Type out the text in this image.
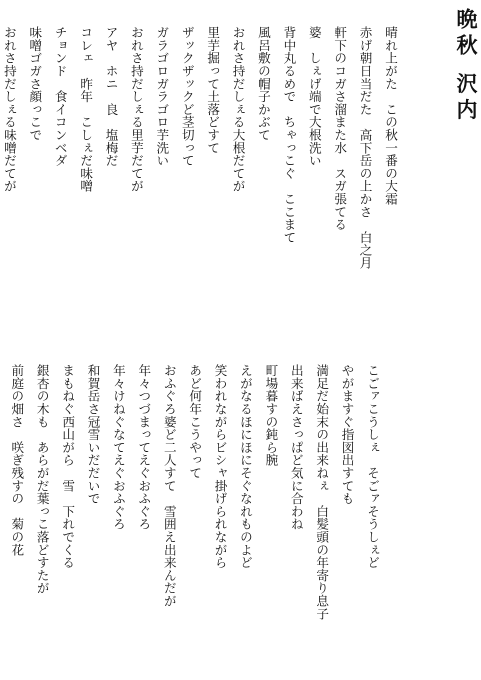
晩秋 沢内
晴れ上がた　この秋一番の大霜
赤げ朝日当だた　高下岳の上かさ　白之月
軒下のコガさ溜また水　スガ張てる
婆　しぇげ端で大根洗い
背中丸るめで　ちゃっこぐ　ここまて
風呂敷の帽子かぶて
おれさ持だしぇる大根だてが
里芋掘って土落どすて
ザックザックど茎切って
ガラゴロガラゴロ芋洗い
おれさ持だしぇる里芋だてが
アヤ　ホニ　良　塩梅だ
コレェ　昨年　こしぇだ味噌
チョンド　食イコンベダ
味噌ゴガさ顔っこで
おれさ持だしぇる味噌だてが
こごァこうしぇ　そごァそうしぇど
やがますぐ指図出すても
満足だ始末の出来ねぇ　白髪頭の年寄り息子
出来ばえさっぱど気に合わね
町場暮すの鈍ら腕
えがなるほにほにそぐなれものよど
笑われながらビシャ掛げられながら
あど何年こうやって
おふぐろ婆ど二人すて　雪囲え出来んだが
年々つづまってえぐおふぐろ
年々けねぐなてえぐおふぐろ
和賀岳さ冠雪いだだいで
まもねぐ西山がら　雪　下れでくる
銀杏の木も　あらがだ葉っこ落どすたが
前庭の畑さ　咲ぎ残すの　菊の花
